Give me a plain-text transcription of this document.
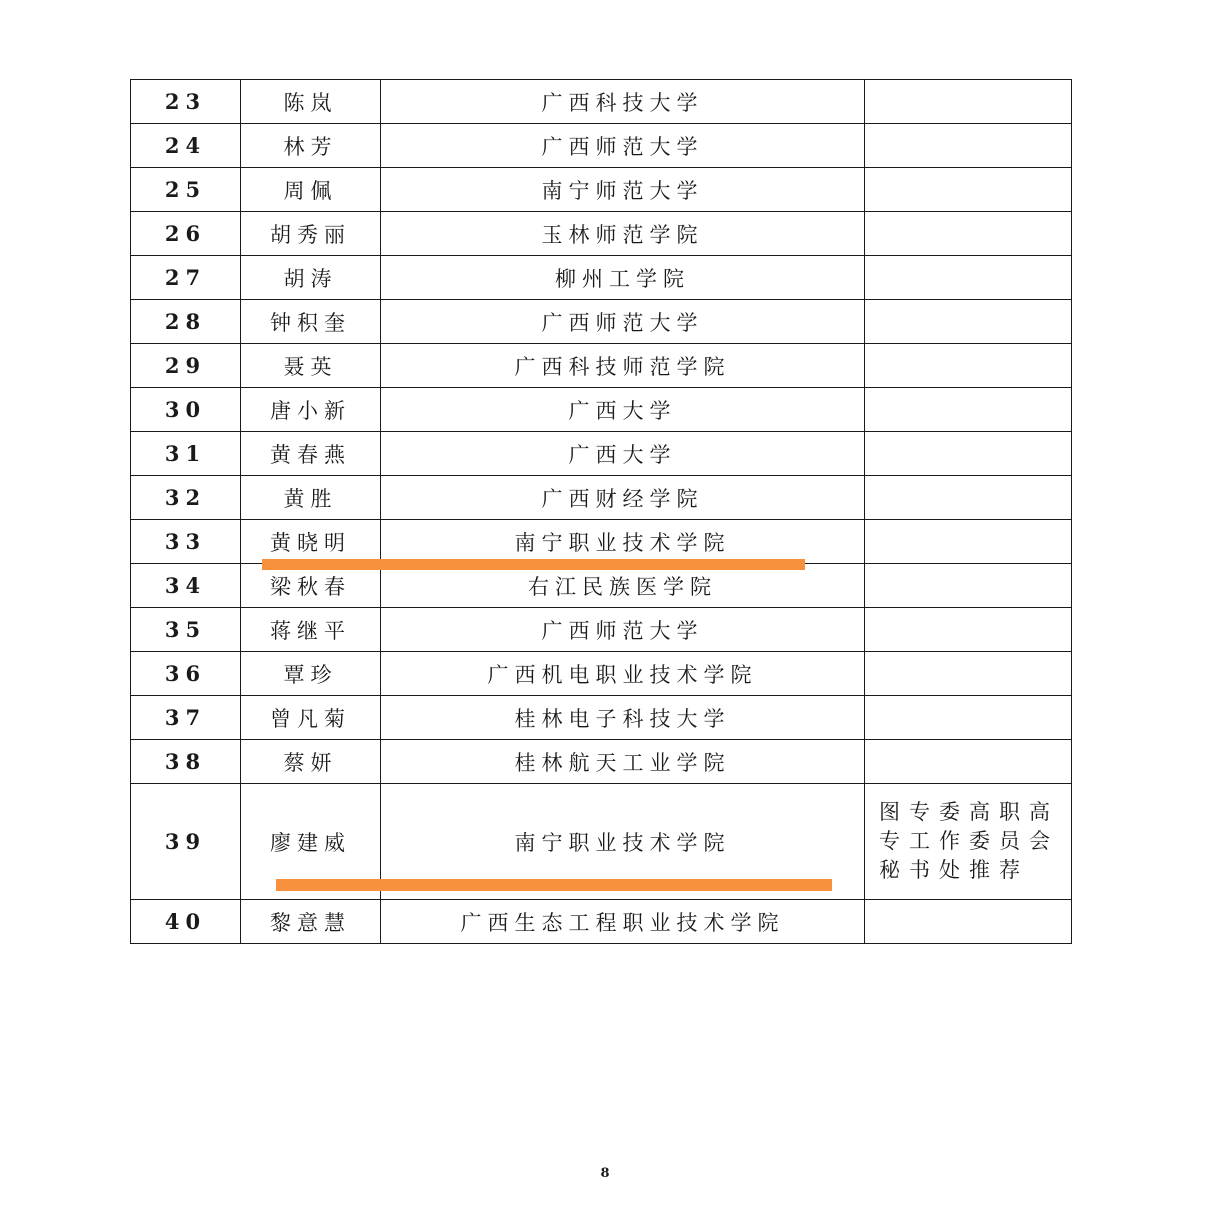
23	陈岚	广西科技大学	
24	林芳	广西师范大学	
25	周佩	南宁师范大学	
26	胡秀丽	玉林师范学院	
27	胡涛	柳州工学院	
28	钟积奎	广西师范大学	
29	聂英	广西科技师范学院	
30	唐小新	广西大学	
31	黄春燕	广西大学	
32	黄胜	广西财经学院	
33	黄晓明	南宁职业技术学院	
34	梁秋春	右江民族医学院	
35	蒋继平	广西师范大学	
36	覃珍	广西机电职业技术学院	
37	曾凡菊	桂林电子科技大学	
38	蔡妍	桂林航天工业学院	
39	廖建威	南宁职业技术学院	图专委高职高专工作委员会秘书处推荐

40	黎意慧	广西生态工程职业技术学院	
8
